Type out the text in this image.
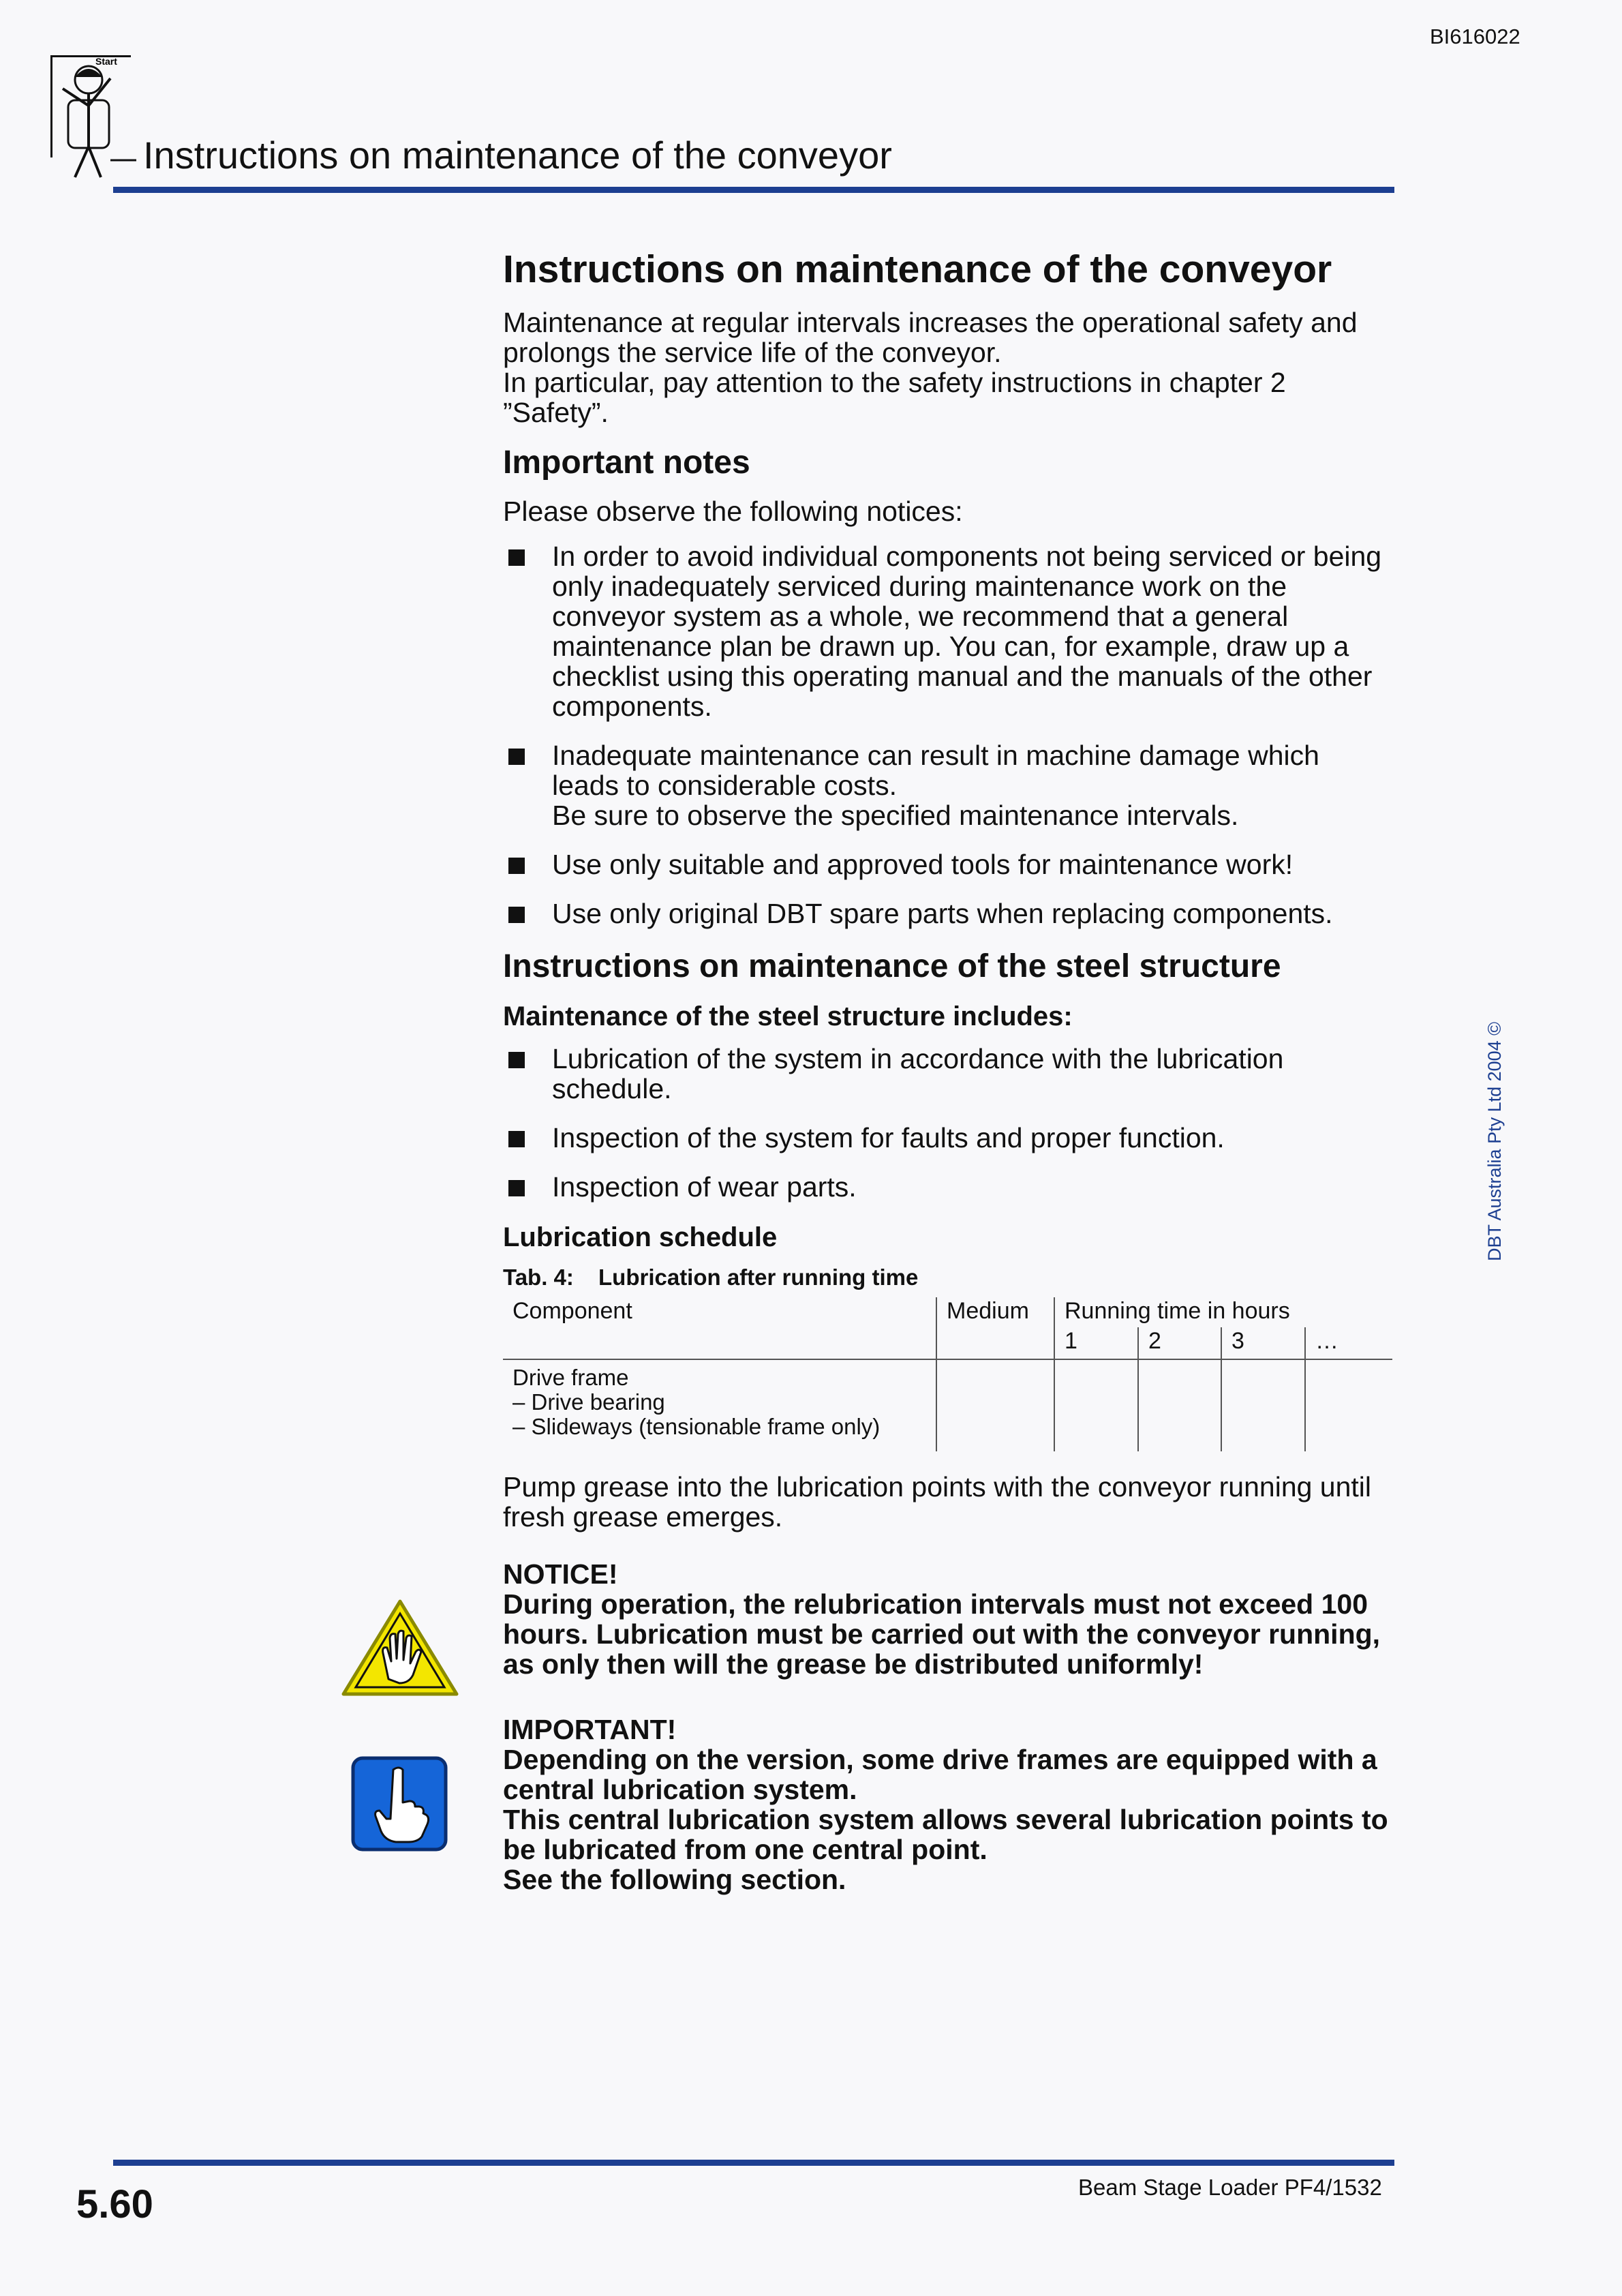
Start
BI616022
Instructions on maintenance of the conveyor
DBT Australia Pty Ltd 2004 ©
Instructions on maintenance of the conveyor

Maintenance at regular intervals increases the operational safety and prolongs the service life of the conveyor.
In particular, pay attention to the safety instructions in chapter 2 ”Safety”.

Important notes

Please observe the following notices:

In order to avoid individual components not being serviced or being only inadequately serviced during maintenance work on the conveyor system as a whole, we recommend that a general maintenance plan be drawn up. You can, for example, draw up a checklist using this operating manual and the manuals of the other components.
Inadequate maintenance can result in machine damage which leads to considerable costs.
Be sure to observe the specified maintenance intervals.
Use only suitable and approved tools for maintenance work!
Use only original DBT spare parts when replacing components.
Instructions on maintenance of the steel structure
Maintenance of the steel structure includes:
Lubrication of the system in accordance with the lubrication schedule.
Inspection of the system for faults and proper function.
Inspection of wear parts.
Lubrication schedule
Tab. 4: Lubrication after running time
Component	Medium	Running time in hours			
		1	2	3	…

Drive frame
– Drive bearing
– Slideways (tensionable frame only)					

Pump grease into the lubrication points with the conveyor running until fresh grease emerges.

NOTICE!
During operation, the relubrication intervals must not exceed 100 hours. Lubrication must be carried out with the conveyor running, as only then will the grease be distributed uniformly!
IMPORTANT!
Depending on the version, some drive frames are equipped with a central lubrication system.
This central lubrication system allows several lubrication points to be lubricated from one central point.
See the following section.
5.60	Beam Stage Loader PF4/1532
